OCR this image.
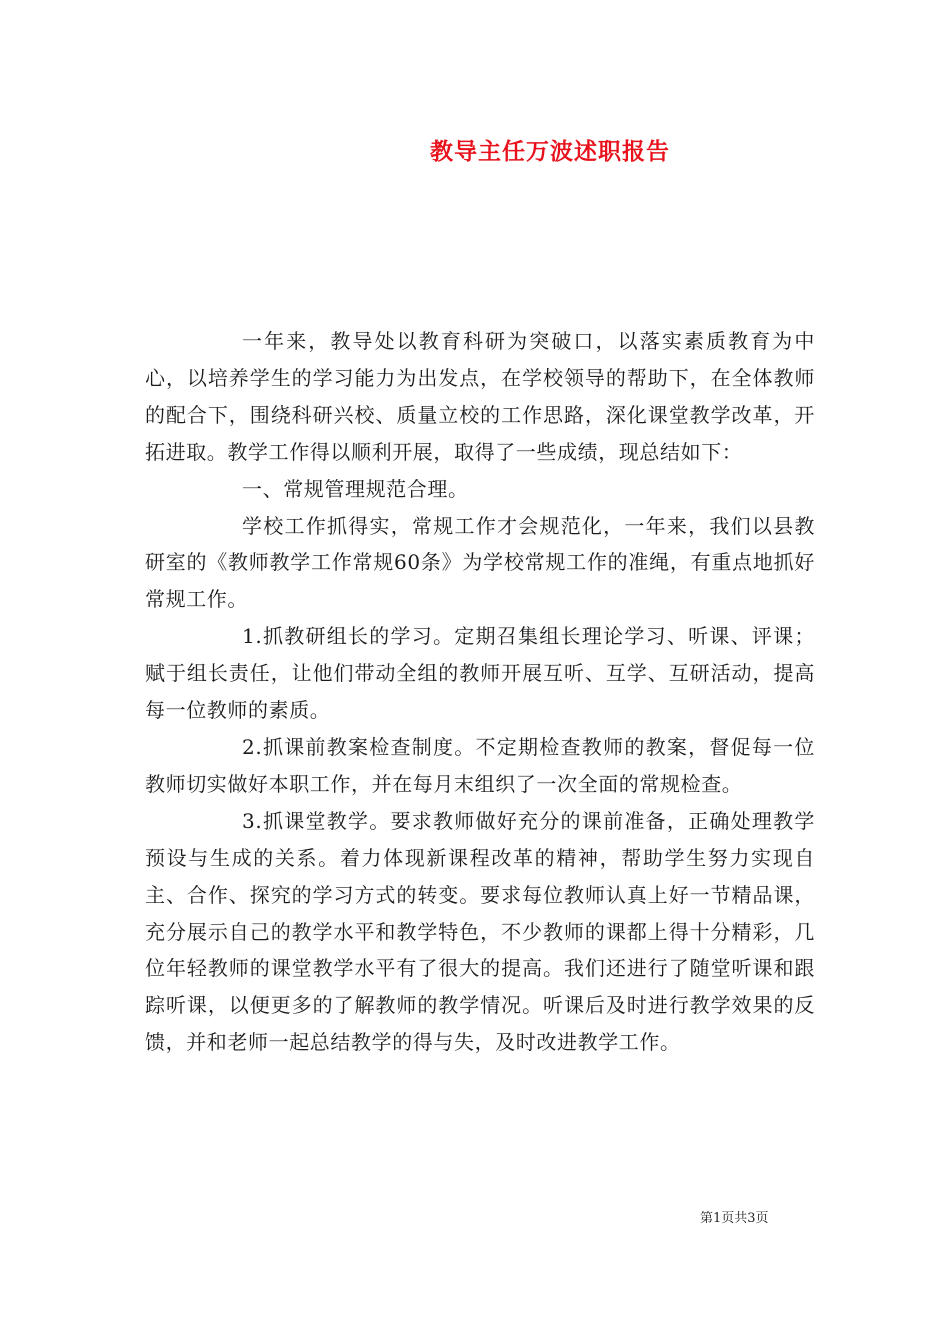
教导主任万波述职报告

一年来，教导处以教育科研为突破口，以落实素质教育为中心，以培养学生的学习能力为出发点，在学校领导的帮助下，在全体教师的配合下，围绕科研兴校、质量立校的工作思路，深化课堂教学改革，开拓进取。教学工作得以顺利开展，取得了一些成绩，现总结如下：

一、常规管理规范合理。

学校工作抓得实，常规工作才会规范化，一年来，我们以县教研室的《教师教学工作常规60条》为学校常规工作的准绳，有重点地抓好常规工作。

1.抓教研组长的学习。定期召集组长理论学习、听课、评课；赋于组长责任，让他们带动全组的教师开展互听、互学、互研活动，提高每一位教师的素质。

2.抓课前教案检查制度。不定期检查教师的教案，督促每一位教师切实做好本职工作，并在每月末组织了一次全面的常规检查。

3.抓课堂教学。要求教师做好充分的课前准备，正确处理教学预设与生成的关系。着力体现新课程改革的精神，帮助学生努力实现自主、合作、探究的学习方式的转变。要求每位教师认真上好一节精品课，充分展示自己的教学水平和教学特色，不少教师的课都上得十分精彩，几位年轻教师的课堂教学水平有了很大的提高。我们还进行了随堂听课和跟踪听课，以便更多的了解教师的教学情况。听课后及时进行教学效果的反馈，并和老师一起总结教学的得与失，及时改进教学工作。

第1页共3页
